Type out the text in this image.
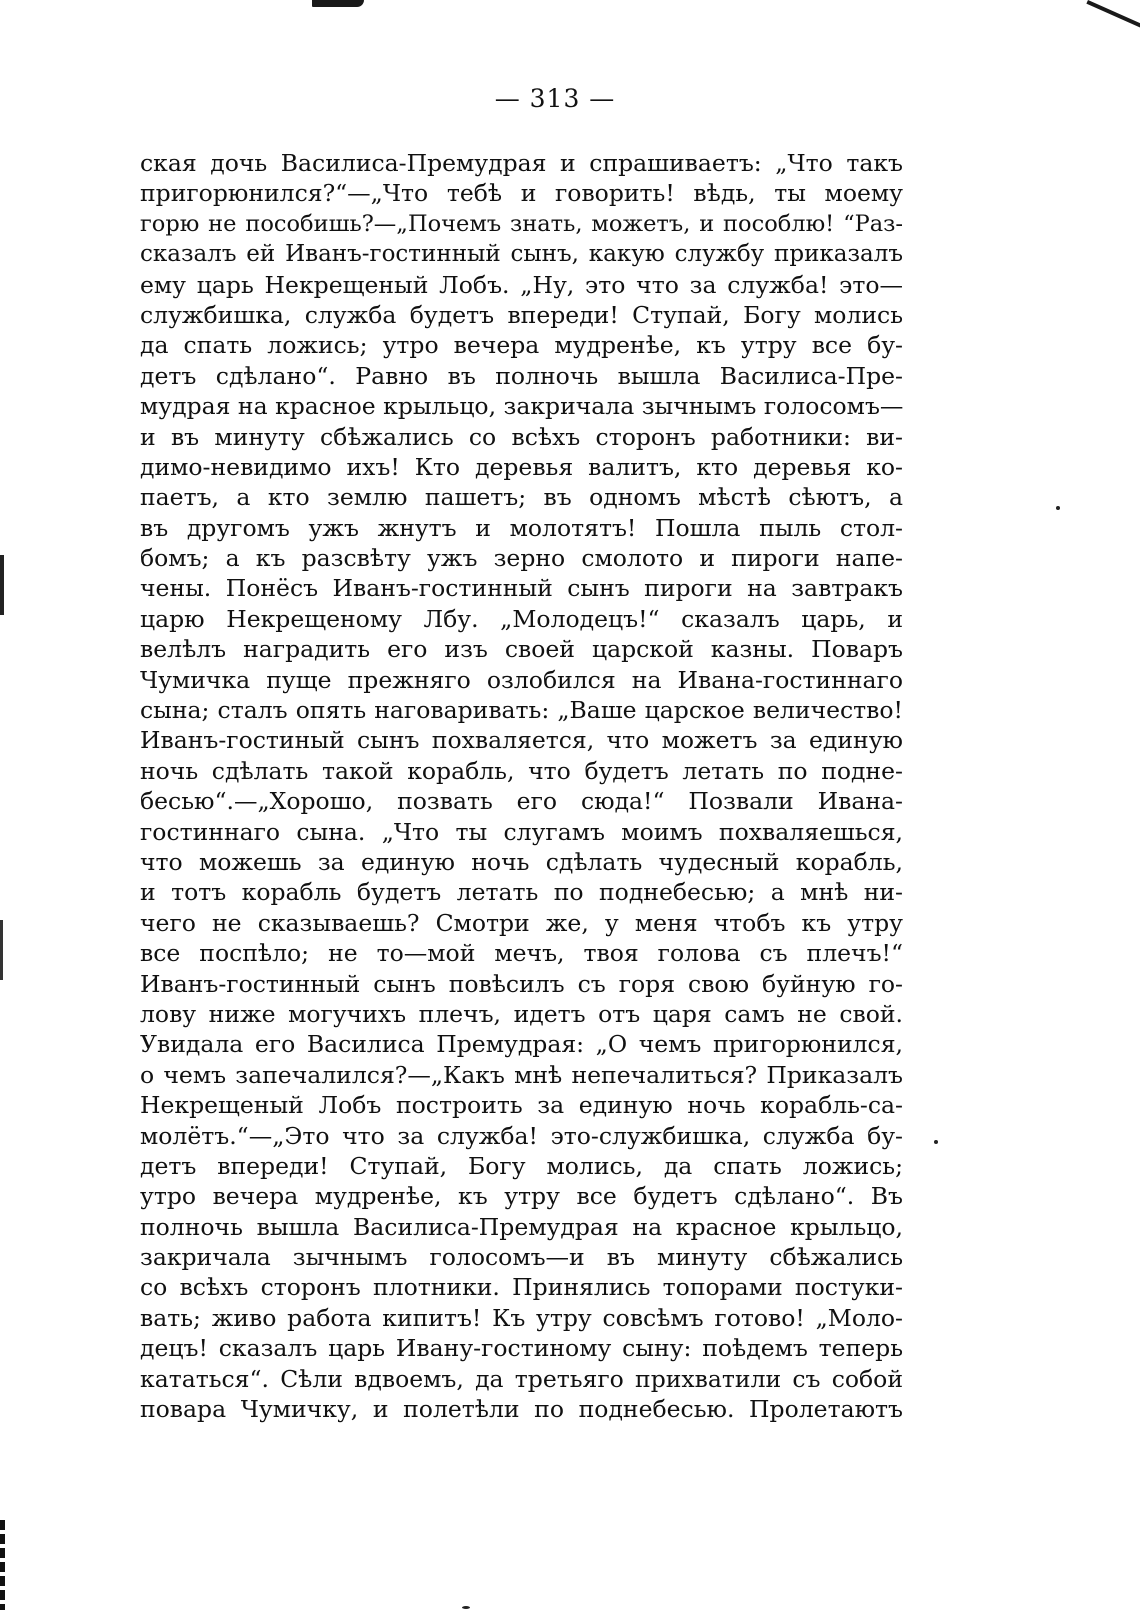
— 313 —
ская дочь Василиса-Премудрая и спрашиваетъ: „Что такъ
пригорюнился?“—„Что тебѣ и говорить! вѣдь, ты моему
горю не пособишь?—„Почемъ знать, можетъ, и пособлю! “Раз-
сказалъ ей Иванъ-гостинный сынъ, какую службу приказалъ
ему царь Некрещеный Лобъ. „Ну, это что за служба! это—
службишка, служба будетъ впереди! Ступай, Богу молись
да спать ложись; утро вечера мудренѣе, къ утру все бу-
детъ сдѣлано“. Равно въ полночь вышла Василиса-Пре-
мудрая на красное крыльцо, закричала зычнымъ голосомъ—
и въ минуту сбѣжались со всѣхъ сторонъ работники: ви-
димо-невидимо ихъ! Кто деревья валитъ, кто деревья ко-
паетъ, а кто землю пашетъ; въ одномъ мѣстѣ сѣютъ, а
въ другомъ ужъ жнутъ и молотятъ! Пошла пыль стол-
бомъ; а къ разсвѣту ужъ зерно смолото и пироги напе-
чены. Понёсъ Иванъ-гостинный сынъ пироги на завтракъ
царю Некрещеному Лбу. „Молодецъ!“ сказалъ царь, и
велѣлъ наградить его изъ своей царской казны. Поваръ
Чумичка пуще прежняго озлобился на Ивана-гостиннаго
сына; сталъ опять наговаривать: „Ваше царское величество!
Иванъ-гостиный сынъ похваляется, что можетъ за единую
ночь сдѣлать такой корабль, что будетъ летать по подне-
бесью“.—„Хорошо, позвать его сюда!“ Позвали Ивана-
гостиннаго сына. „Что ты слугамъ моимъ похваляешься,
что можешь за единую ночь сдѣлать чудесный корабль,
и тотъ корабль будетъ летать по поднебесью; а мнѣ ни-
чего не сказываешь? Смотри же, у меня чтобъ къ утру
все поспѣло; не то—мой мечъ, твоя голова съ плечъ!“
Иванъ-гостинный сынъ повѣсилъ съ горя свою буйную го-
лову ниже могучихъ плечъ, идетъ отъ царя самъ не свой.
Увидала его Василиса Премудрая: „О чемъ пригорюнился,
о чемъ запечалился?—„Какъ мнѣ непечалиться? Приказалъ
Некрещеный Лобъ построить за единую ночь корабль-са-
молётъ.“—„Это что за служба! это-службишка, служба бу-
детъ впереди! Ступай, Богу молись, да спать ложись;
утро вечера мудренѣе, къ утру все будетъ сдѣлано“. Въ
полночь вышла Василиса-Премудрая на красное крыльцо,
закричала зычнымъ голосомъ—и въ минуту сбѣжались
со всѣхъ сторонъ плотники. Принялись топорами постуки-
вать; живо работа кипитъ! Къ утру совсѣмъ готово! „Моло-
децъ! сказалъ царь Ивану-гостиному сыну: поѣдемъ теперь
кататься“. Сѣли вдвоемъ, да третьяго прихватили съ собой
повара Чумичку, и полетѣли по поднебесью. Пролетаютъ
